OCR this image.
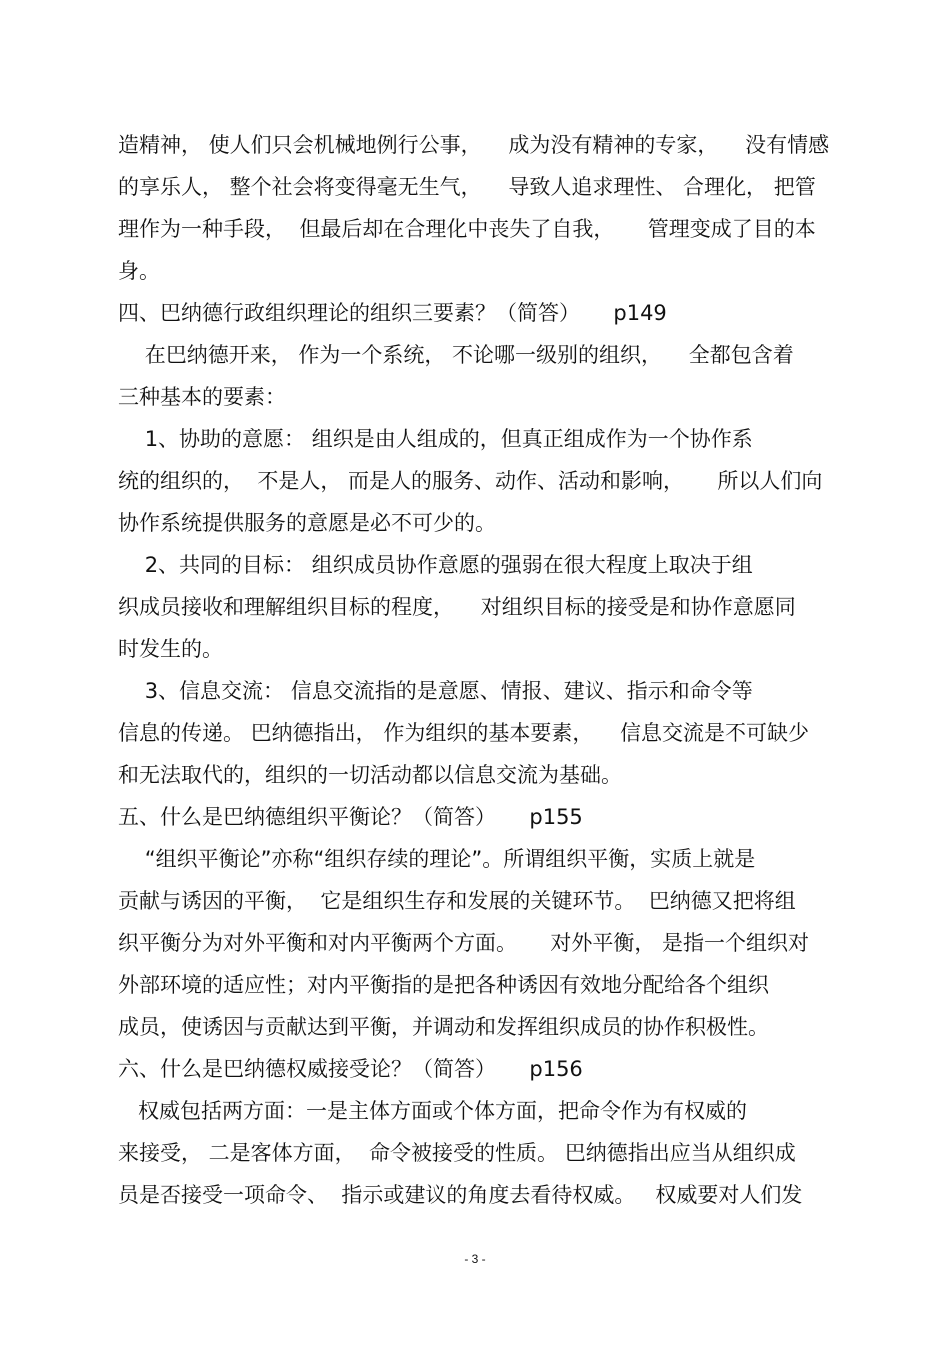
造精神， 使人们只会机械地例行公事，    成为没有精神的专家，    没有情感
的享乐人， 整个社会将变得毫无生气，    导致人追求理性、 合理化， 把管
理作为一种手段，  但最后却在合理化中丧失了自我，     管理变成了目的本
身。
四、巴纳德行政组织理论的组织三要素？（简答）     p149
在巴纳德开来， 作为一个系统， 不论哪一级别的组织，    全都包含着
三种基本的要素：
1、协助的意愿： 组织是由人组成的，但真正组成作为一个协作系
统的组织的，  不是人， 而是人的服务、动作、活动和影响，     所以人们向
协作系统提供服务的意愿是必不可少的。
2、共同的目标： 组织成员协作意愿的强弱在很大程度上取决于组
织成员接收和理解组织目标的程度，    对组织目标的接受是和协作意愿同
时发生的。
3、信息交流： 信息交流指的是意愿、情报、建议、指示和命令等
信息的传递。 巴纳德指出， 作为组织的基本要素，    信息交流是不可缺少
和无法取代的，组织的一切活动都以信息交流为基础。
五、什么是巴纳德组织平衡论？（简答）     p155
“组织平衡论”亦称“组织存续的理论”。所谓组织平衡，实质上就是
贡献与诱因的平衡，  它是组织生存和发展的关键环节。  巴纳德又把将组
织平衡分为对外平衡和对内平衡两个方面。     对外平衡， 是指一个组织对
外部环境的适应性；对内平衡指的是把各种诱因有效地分配给各个组织
成员，使诱因与贡献达到平衡，并调动和发挥组织成员的协作积极性。
六、什么是巴纳德权威接受论？（简答）     p156
权威包括两方面：一是主体方面或个体方面，把命令作为有权威的
来接受， 二是客体方面，  命令被接受的性质。 巴纳德指出应当从组织成
员是否接受一项命令、  指示或建议的角度去看待权威。   权威要对人们发
- 3 -
